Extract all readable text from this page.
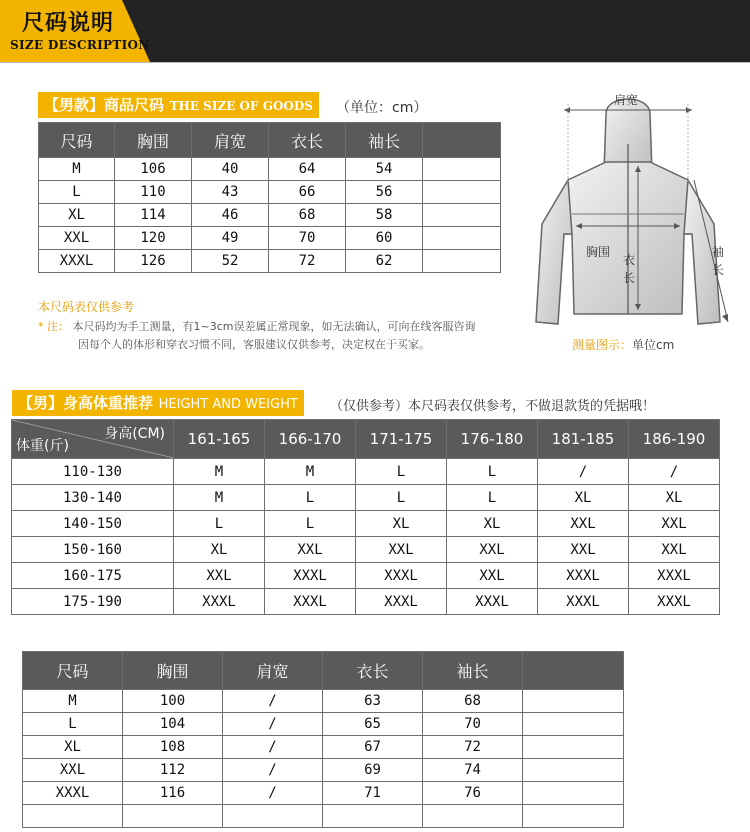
尺码说明
SIZE DESCRIPTION
【男款】商品尺码 THE SIZE OF GOODS	（单位：cm）
尺码	胸围	肩宽	衣长	袖长	
M	106	40	64	54	
L	110	43	66	56	
XL	114	46	68	58	
XXL	120	49	70	60	
XXXL	126	52	72	62	
本尺码表仅供参考
* 注： 本尺码均为手工测量，有1~3cm误差属正常现象，如无法确认，可向在线客服咨询
因每个人的体形和穿衣习惯不同，客服建议仅供参考，决定权在于买家。
肩宽
胸围
衣
长
袖
长
测量图示：单位cm
【男】身高体重推荐 HEIGHT AND WEIGHT	（仅供参考）本尺码表仅供参考，不做退款货的凭据哦！
身高(CM)
体重(斤)	161-165	166-170	171-175	176-180	181-185	186-190
110-130	M	M	L	L	/	/
130-140	M	L	L	L	XL	XL
140-150	L	L	XL	XL	XXL	XXL
150-160	XL	XXL	XXL	XXL	XXL	XXL
160-175	XXL	XXXL	XXXL	XXL	XXXL	XXXL
175-190	XXXL	XXXL	XXXL	XXXL	XXXL	XXXL
尺码	胸围	肩宽	衣长	袖长	
M	100	/	63	68	
L	104	/	65	70	
XL	108	/	67	72	
XXL	112	/	69	74	
XXXL	116	/	71	76	
